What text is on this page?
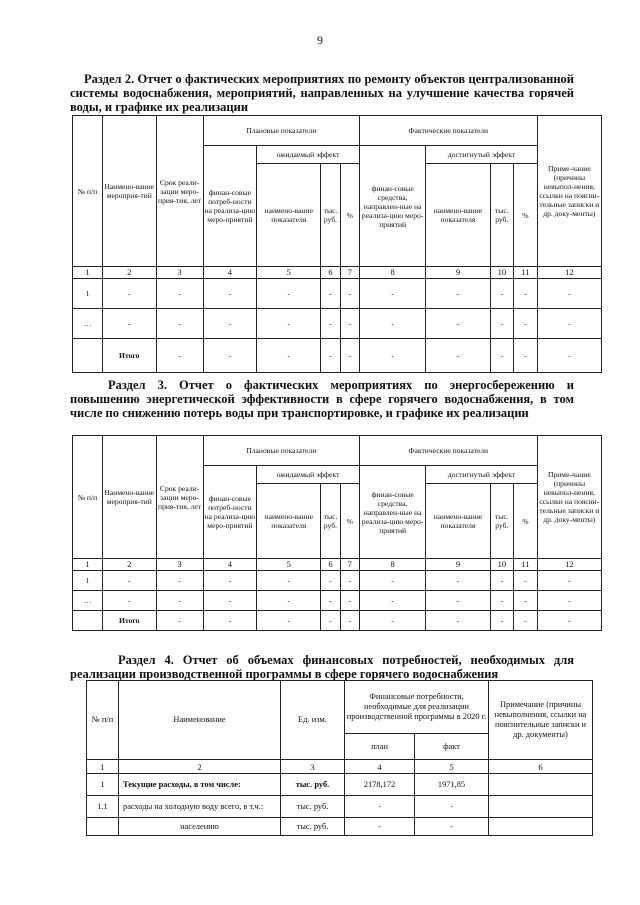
9
Раздел 2. Отчет о фактических мероприятиях по ремонту объектов централизованной системы водоснабжения, мероприятий, направленных на улучшение качества горячей воды, и графике их реализации
№ п/п	Наимено-вание мероприя-тий	Срок реали-зации меро-прия-тия, лет	Плановые показатели				Фактические показатели				Приме-чание (причины невыпол-нения, ссылки на поясни-тельные записки и др. доку-менты)
			финан-совые потреб-ности на реализа-цию меро-приятий	ожидаемый эффект			финан-совые средства, направлен-ные на реализа-цию меро-приятий	достигнутый эффект			
				наимено-вание показателя	тыс. руб.	%		наимено-вание показателя	тыс. руб.	%	
1	2	3	4	5	6	7	8	9	10	11	12
1	-	-	-	-	-	-	-	-	-	-	-
…	-	-	-	-	-	-	-	-	-	-	-
	Итого	-	-	-	-	-	-	-	-	-	-
Раздел 3. Отчет о фактических мероприятиях по энергосбережению и повышению энергетической эффективности в сфере горячего водоснабжения, в том числе по снижению потерь воды при транспортировке, и графике их реализации
№ п/п	Наимено-вание мероприя-тий	Срок реали-зации меро-прия-тия, лет	Плановые показатели				Фактические показатели				Приме-чание (причины невыпол-нения, ссылки на поясни-тельные записки и др. доку-менты)
			финан-совые потреб-ности на реализа-цию меро-приятий	ожидаемый эффект			финан-совые средства, направлен-ные на реализа-цию меро-приятий	достигнутый эффект			
				наимено-вание показателя	тыс. руб.	%		наимено-вание показателя	тыс. руб.	%	
1	2	3	4	5	6	7	8	9	10	11	12
1	-	-	-	-	-	-	-	-	-	-	-
…	-	-	-	-	-	-	-	-	-	-	-
	Итого	-	-	-	-	-	-	-	-	-	-
Раздел 4. Отчет об объемах финансовых потребностей, необходимых для реализации производственной программы в сфере горячего водоснабжения
№ п/п	Наименование	Ед. изм.	Финансовые потребности, необходимые для реализации производственной программы в 2020 г.		Примечание (причины невыполнения, ссылки на пояснительные записки и др. документы)
			план	факт	
1	2	3	4	5	6
1	Текущие расходы, в том числе:	тыс. руб.	2178,172	1971,85	
1.1	расходы на холодную воду всего, в т.ч.:	тыс. руб.	-	-	
	населению	тыс. руб.	-	-	
